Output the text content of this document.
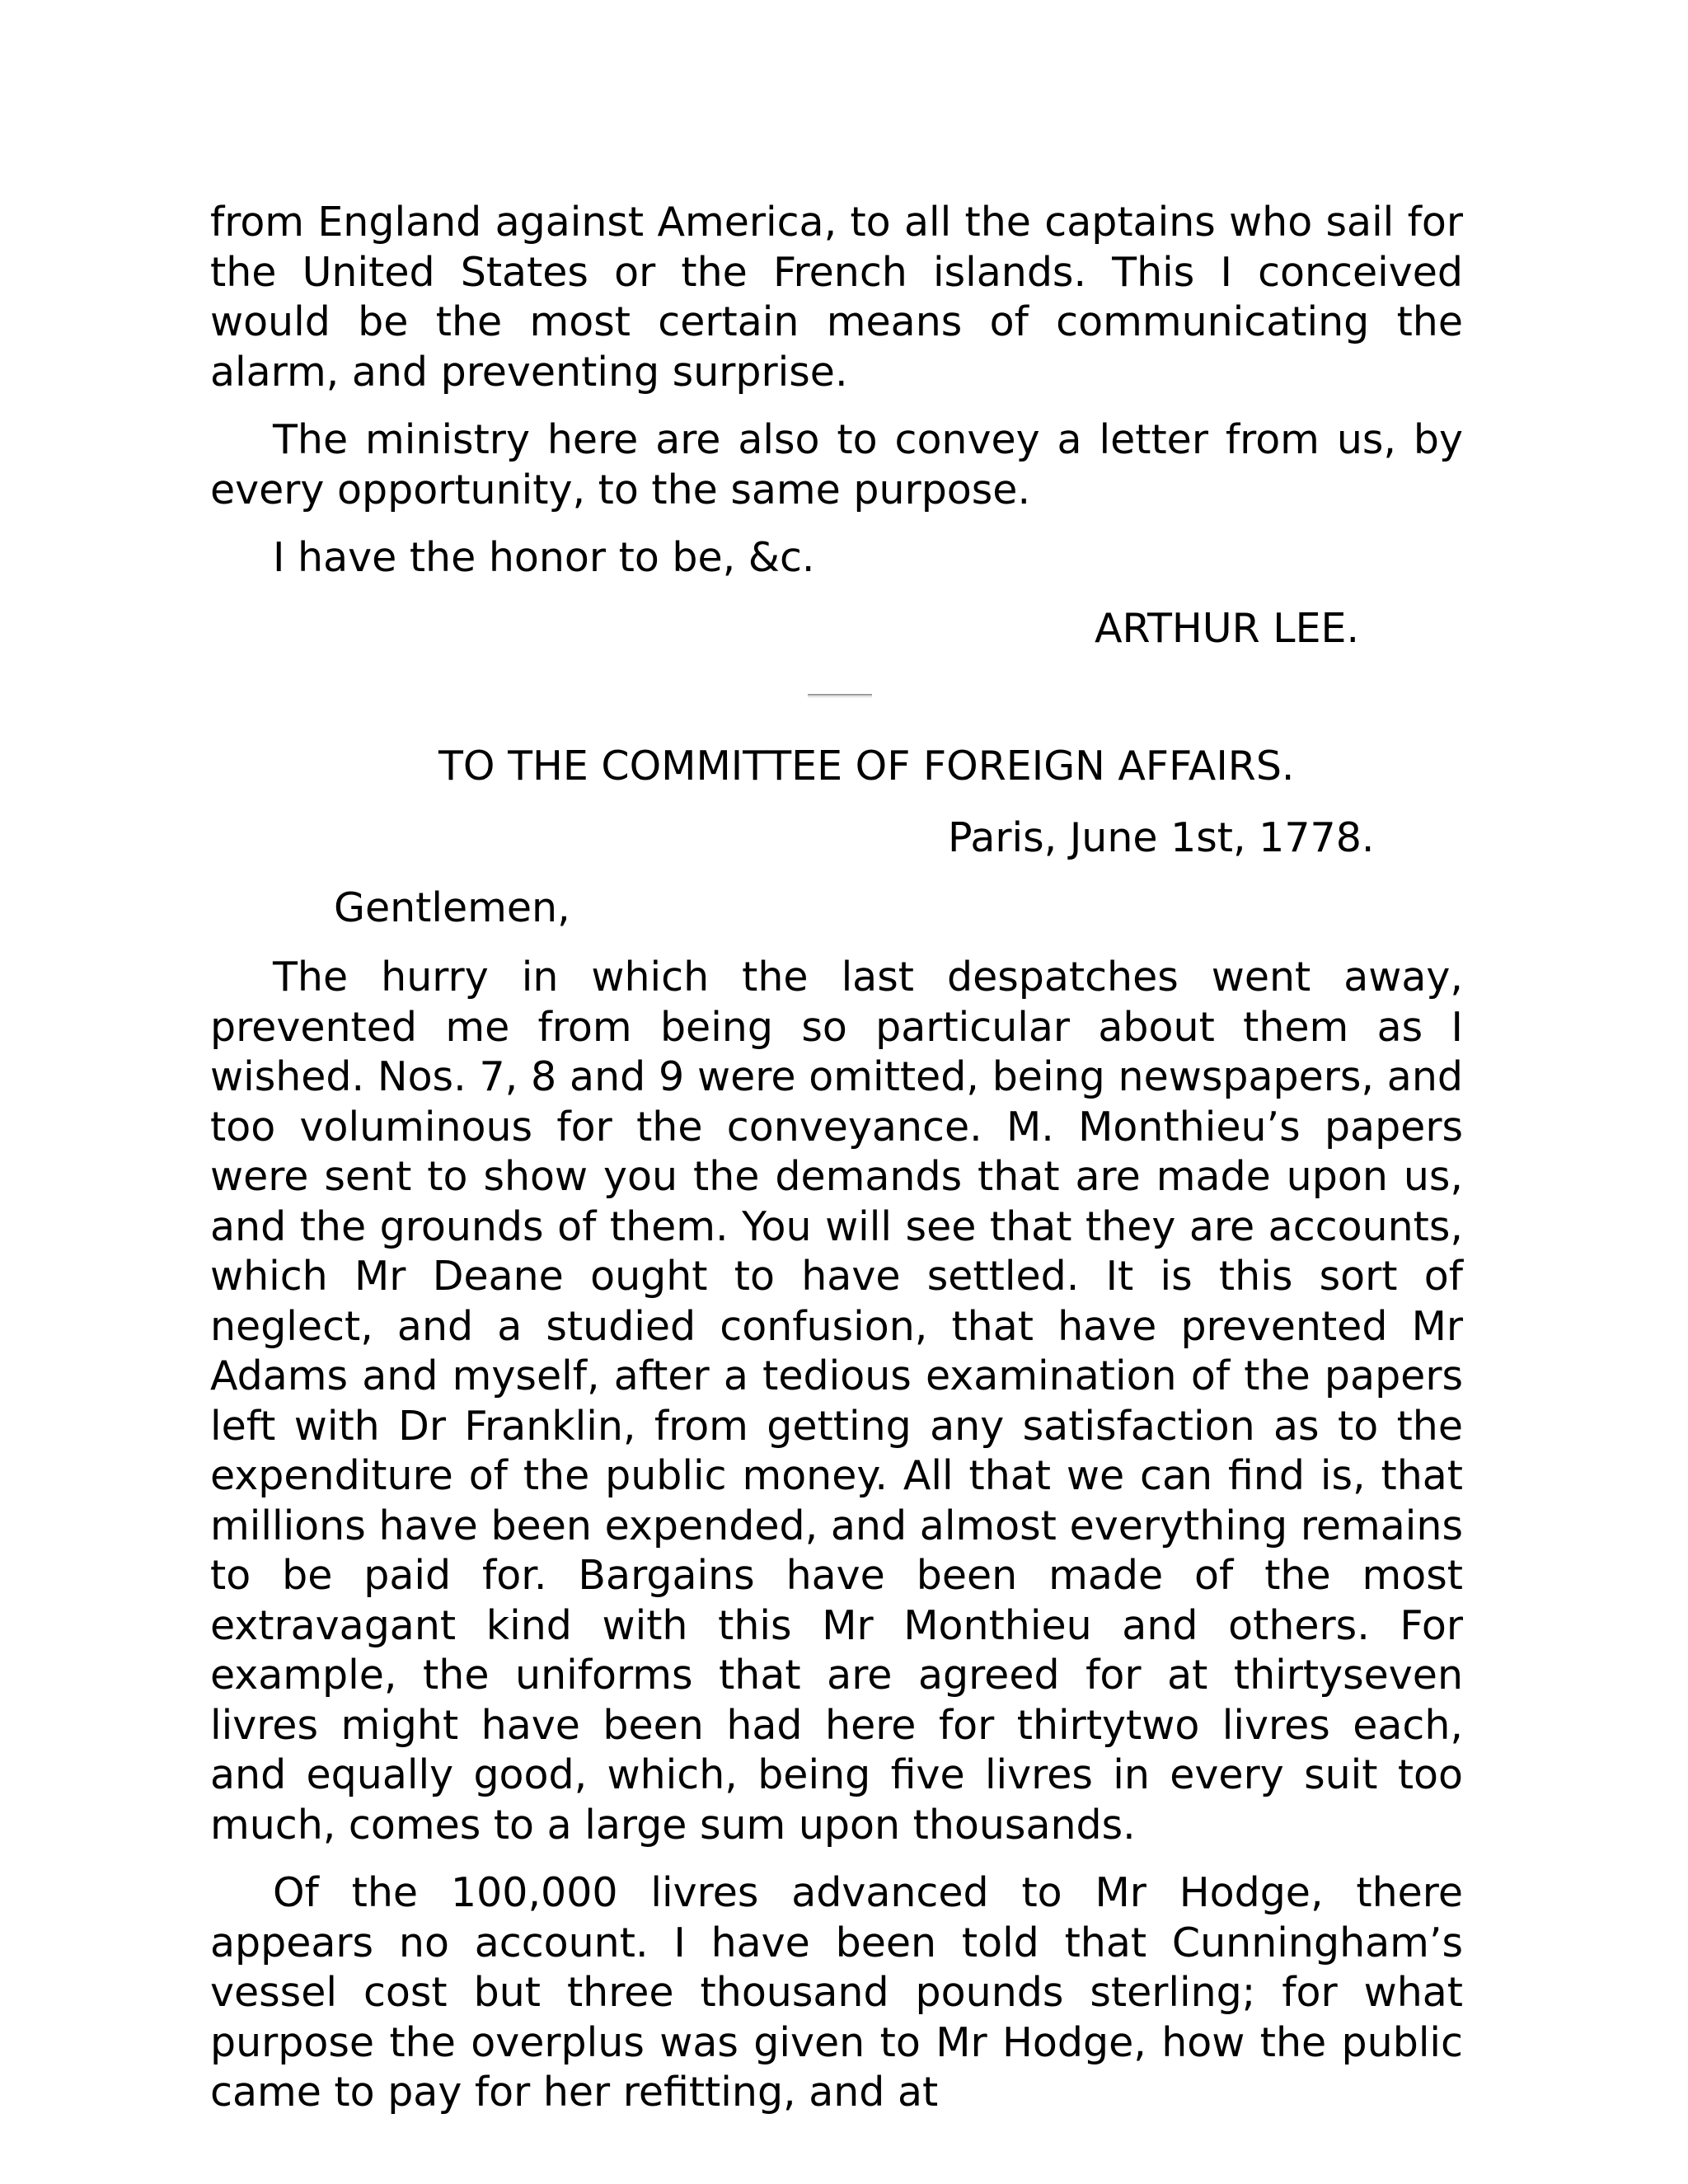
from England against America, to all the captains who sail for the United States or the French islands. This I conceived would be the most certain means of communicating the alarm, and preventing surprise.

The ministry here are also to convey a letter from us, by every opportunity, to the same purpose.

I have the honor to be, &c.

ARTHUR LEE.
TO THE COMMITTEE OF FOREIGN AFFAIRS.
Paris, June 1st, 1778.
Gentlemen,

The hurry in which the last despatches went away, prevented me from being so particular about them as I wished. Nos. 7, 8 and 9 were omitted, being newspapers, and too voluminous for the conveyance. M. Monthieu’s papers were sent to show you the demands that are made upon us, and the grounds of them. You will see that they are accounts, which Mr Deane ought to have settled. It is this sort of neglect, and a studied confusion, that have prevented Mr Adams and myself, after a tedious examination of the papers left with Dr Franklin, from getting any satisfaction as to the expenditure of the public money. All that we can find is, that millions have been expended, and almost everything remains to be paid for. Bargains have been made of the most extravagant kind with this Mr Monthieu and others. For example, the uniforms that are agreed for at thirtyseven livres might have been had here for thirtytwo livres each, and equally good, which, being five livres in every suit too much, comes to a large sum upon thousands.

Of the 100,000 livres advanced to Mr Hodge, there appears no account. I have been told that Cunningham’s vessel cost but three thousand pounds sterling; for what purpose the overplus was given to Mr Hodge, how the public came to pay for her refitting, and at
